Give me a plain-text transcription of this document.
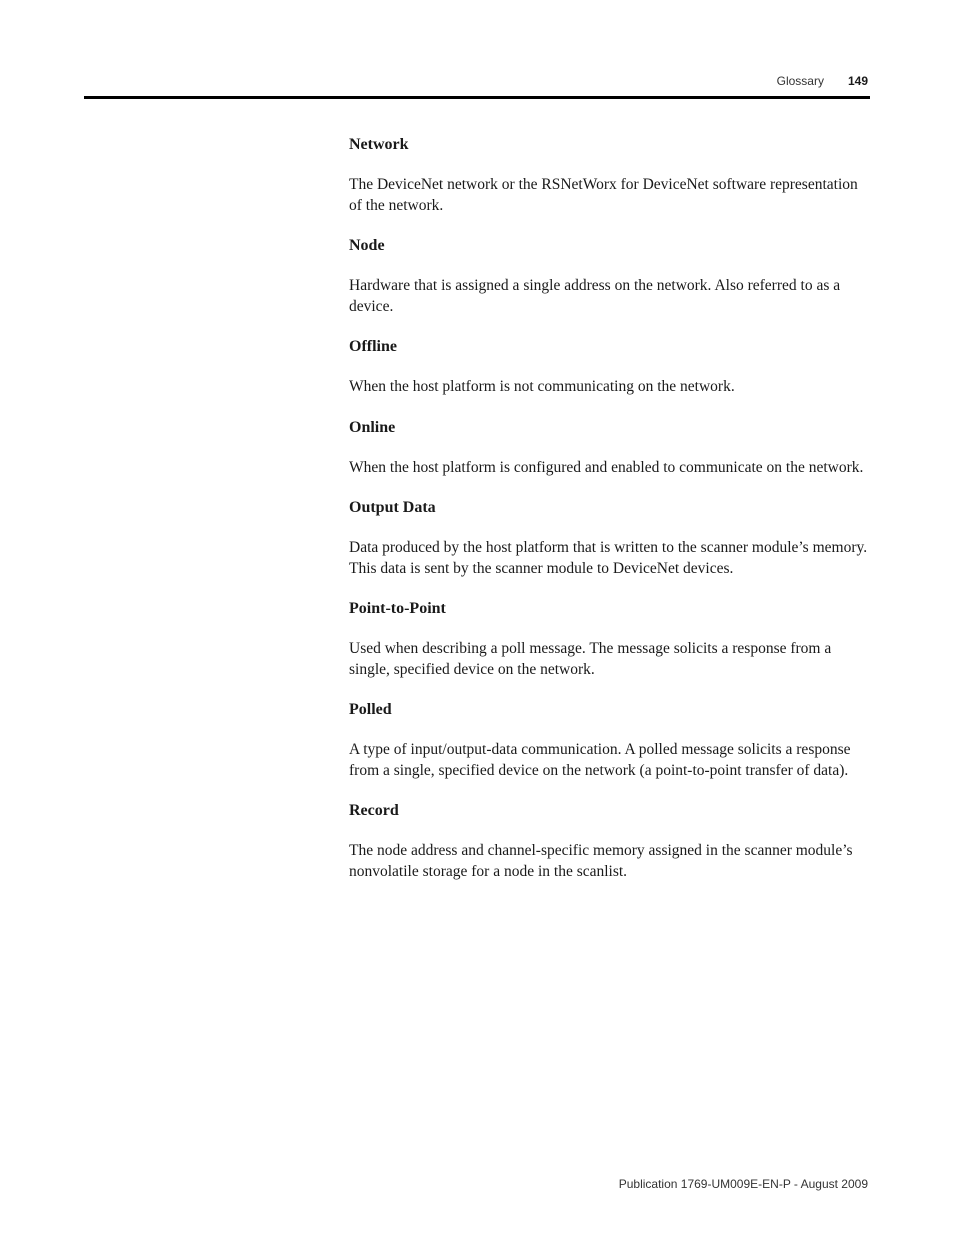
Glossary 149
Network

The DeviceNet network or the RSNetWorx for DeviceNet software representation of the network.

Node

Hardware that is assigned a single address on the network. Also referred to as a device.

Offline

When the host platform is not communicating on the network.

Online

When the host platform is configured and enabled to communicate on the network.

Output Data

Data produced by the host platform that is written to the scanner module’s memory. This data is sent by the scanner module to DeviceNet devices.

Point-to-Point

Used when describing a poll message. The message solicits a response from a single, specified device on the network.

Polled

A type of input/output-data communication. A polled message solicits a response from a single, specified device on the network (a point-to-point transfer of data).

Record

The node address and channel-specific memory assigned in the scanner module’s nonvolatile storage for a node in the scanlist.

Publication 1769-UM009E-EN-P - August 2009
